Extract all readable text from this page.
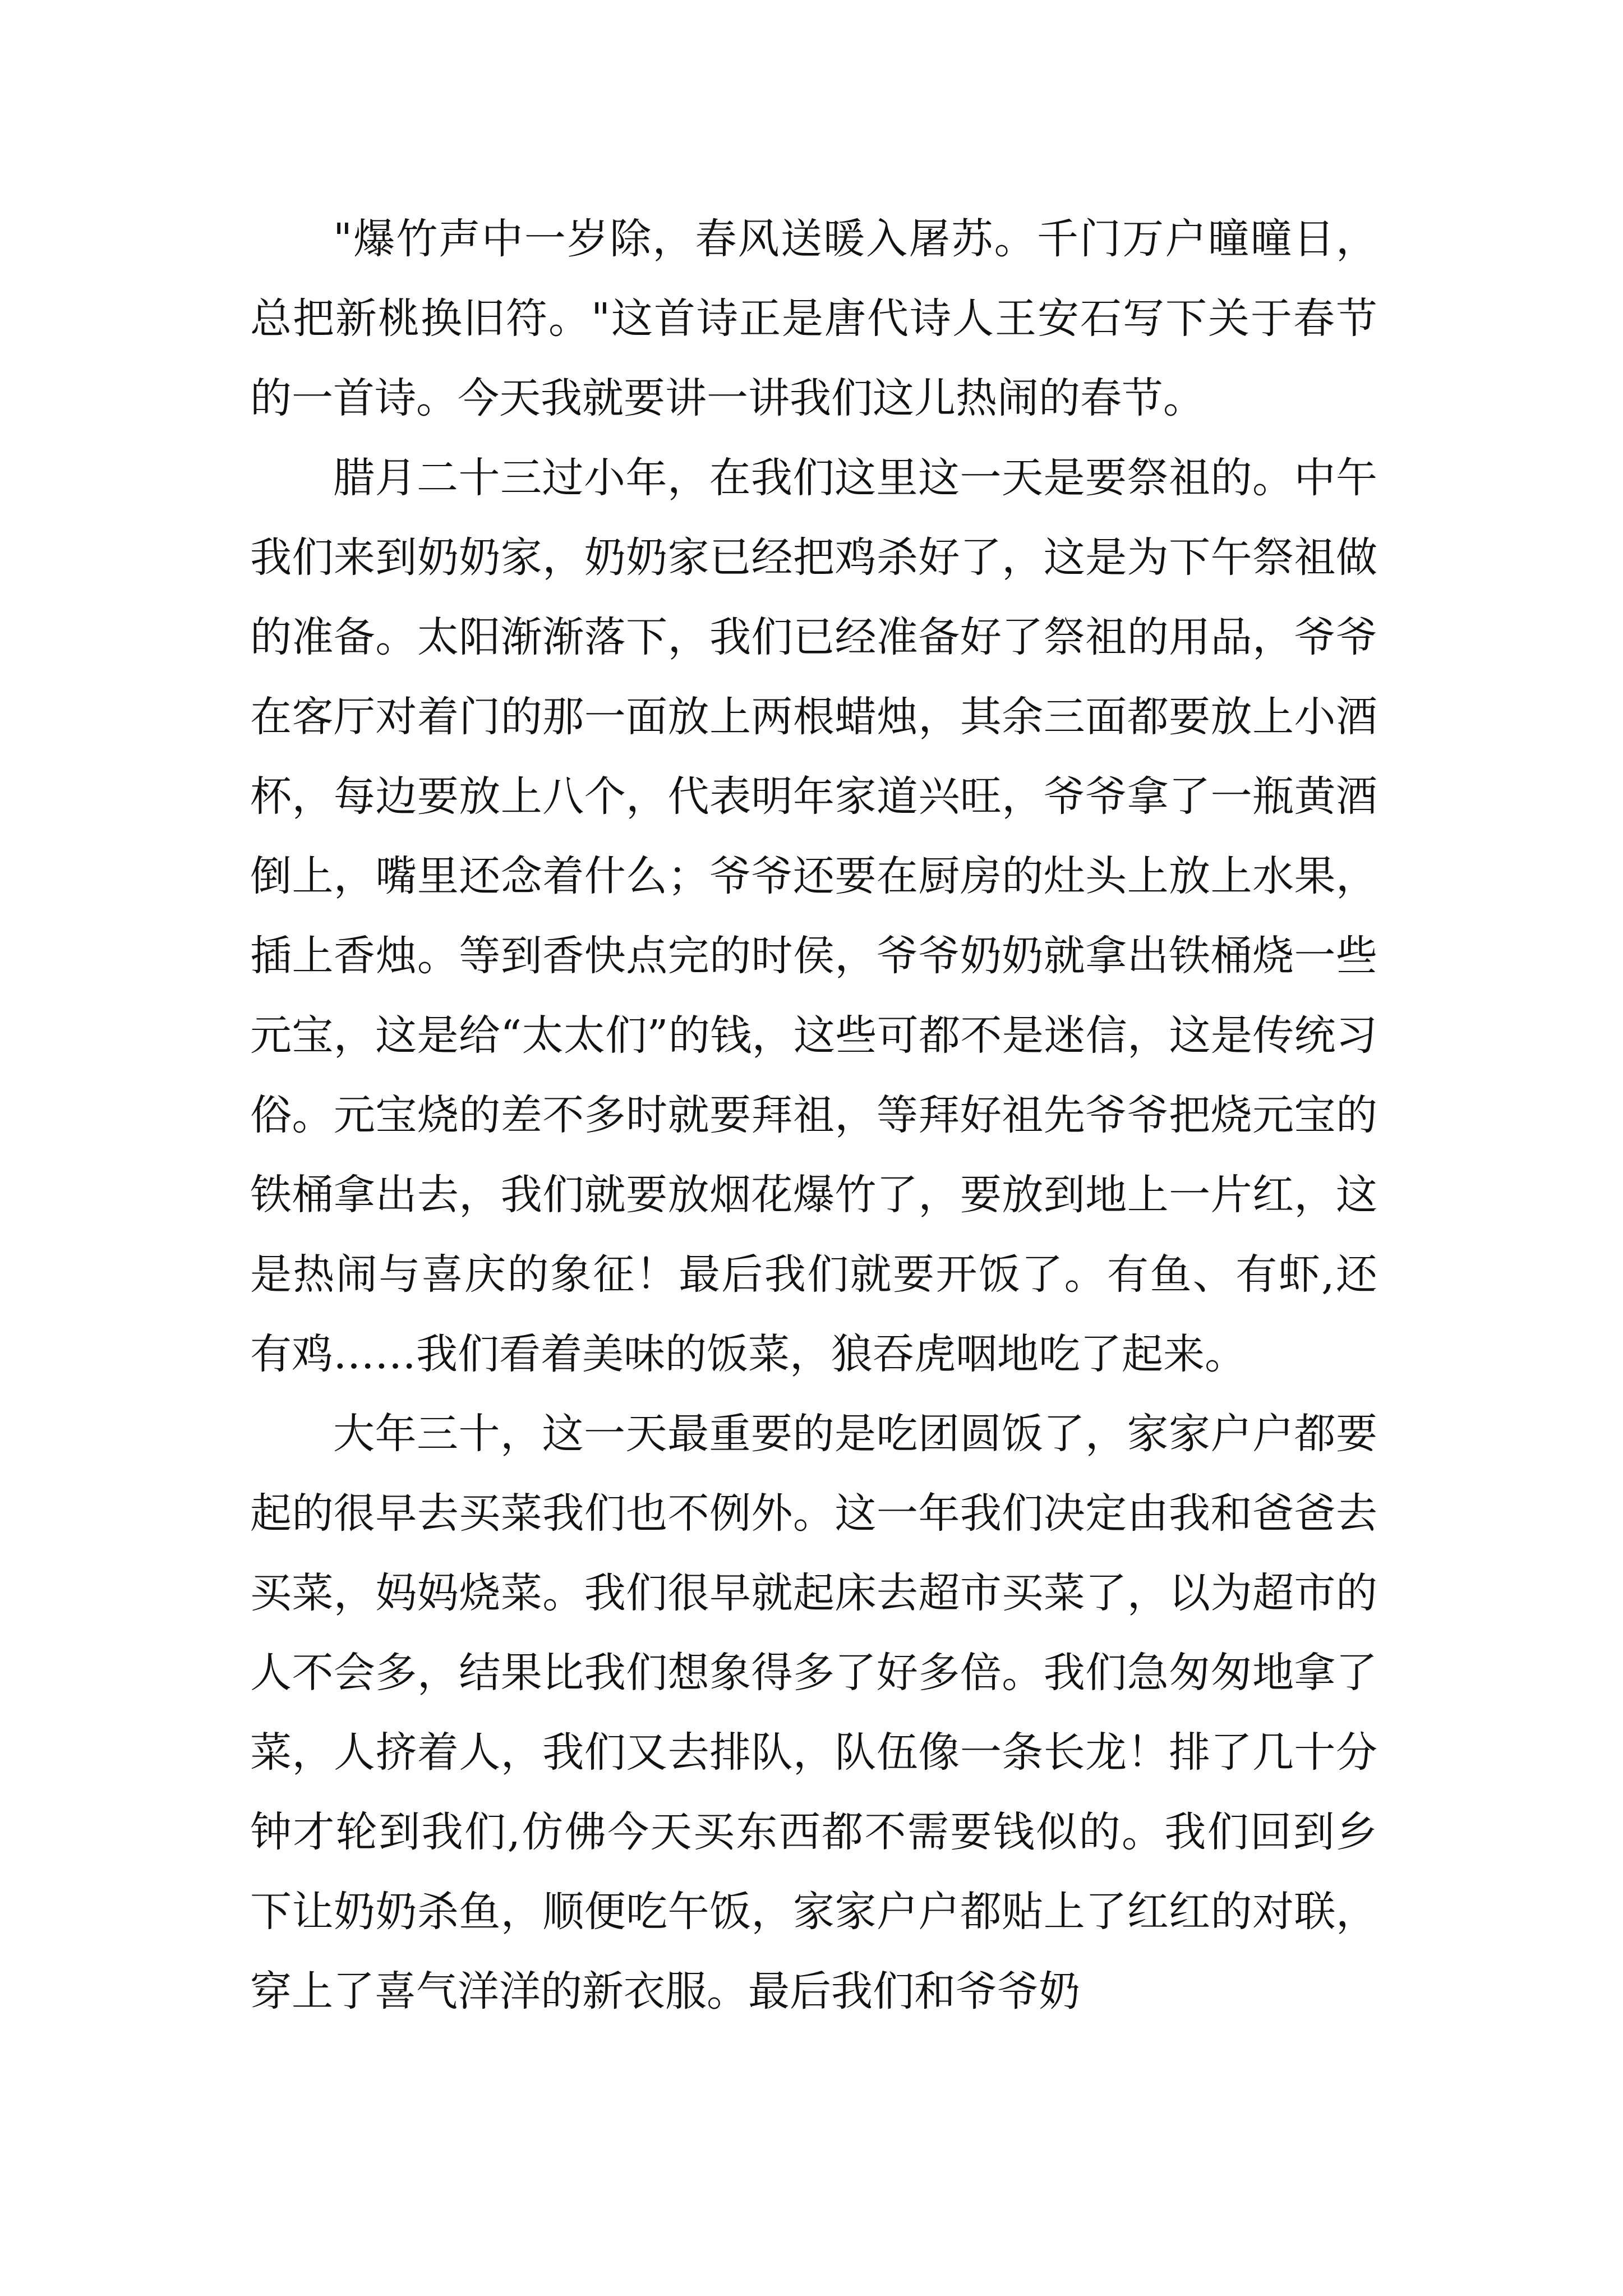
"爆竹声中一岁除，春风送暖入屠苏。千门万户曈曈日，总把新桃换旧符。"这首诗正是唐代诗人王安石写下关于春节的一首诗。今天我就要讲一讲我们这儿热闹的春节。

腊月二十三过小年，在我们这里这一天是要祭祖的。中午我们来到奶奶家，奶奶家已经把鸡杀好了，这是为下午祭祖做的准备。太阳渐渐落下，我们已经准备好了祭祖的用品，爷爷在客厅对着门的那一面放上两根蜡烛，其余三面都要放上小酒杯，每边要放上八个，代表明年家道兴旺，爷爷拿了一瓶黄酒倒上，嘴里还念着什么；爷爷还要在厨房的灶头上放上水果，插上香烛。等到香快点完的时侯，爷爷奶奶就拿出铁桶烧一些元宝，这是给“太太们”的钱，这些可都不是迷信，这是传统习俗。元宝烧的差不多时就要拜祖，等拜好祖先爷爷把烧元宝的铁桶拿出去，我们就要放烟花爆竹了，要放到地上一片红，这是热闹与喜庆的象征！最后我们就要开饭了。有鱼、有虾,还有鸡……我们看着美味的饭菜，狼吞虎咽地吃了起来。

大年三十，这一天最重要的是吃团圆饭了，家家户户都要起的很早去买菜我们也不例外。这一年我们决定由我和爸爸去买菜，妈妈烧菜。我们很早就起床去超市买菜了，以为超市的人不会多，结果比我们想象得多了好多倍。我们急匆匆地拿了菜，人挤着人，我们又去排队，队伍像一条长龙！排了几十分钟才轮到我们,仿佛今天买东西都不需要钱似的。我们回到乡下让奶奶杀鱼，顺便吃午饭，家家户户都贴上了红红的对联，穿上了喜气洋洋的新衣服。最后我们和爷爷奶
